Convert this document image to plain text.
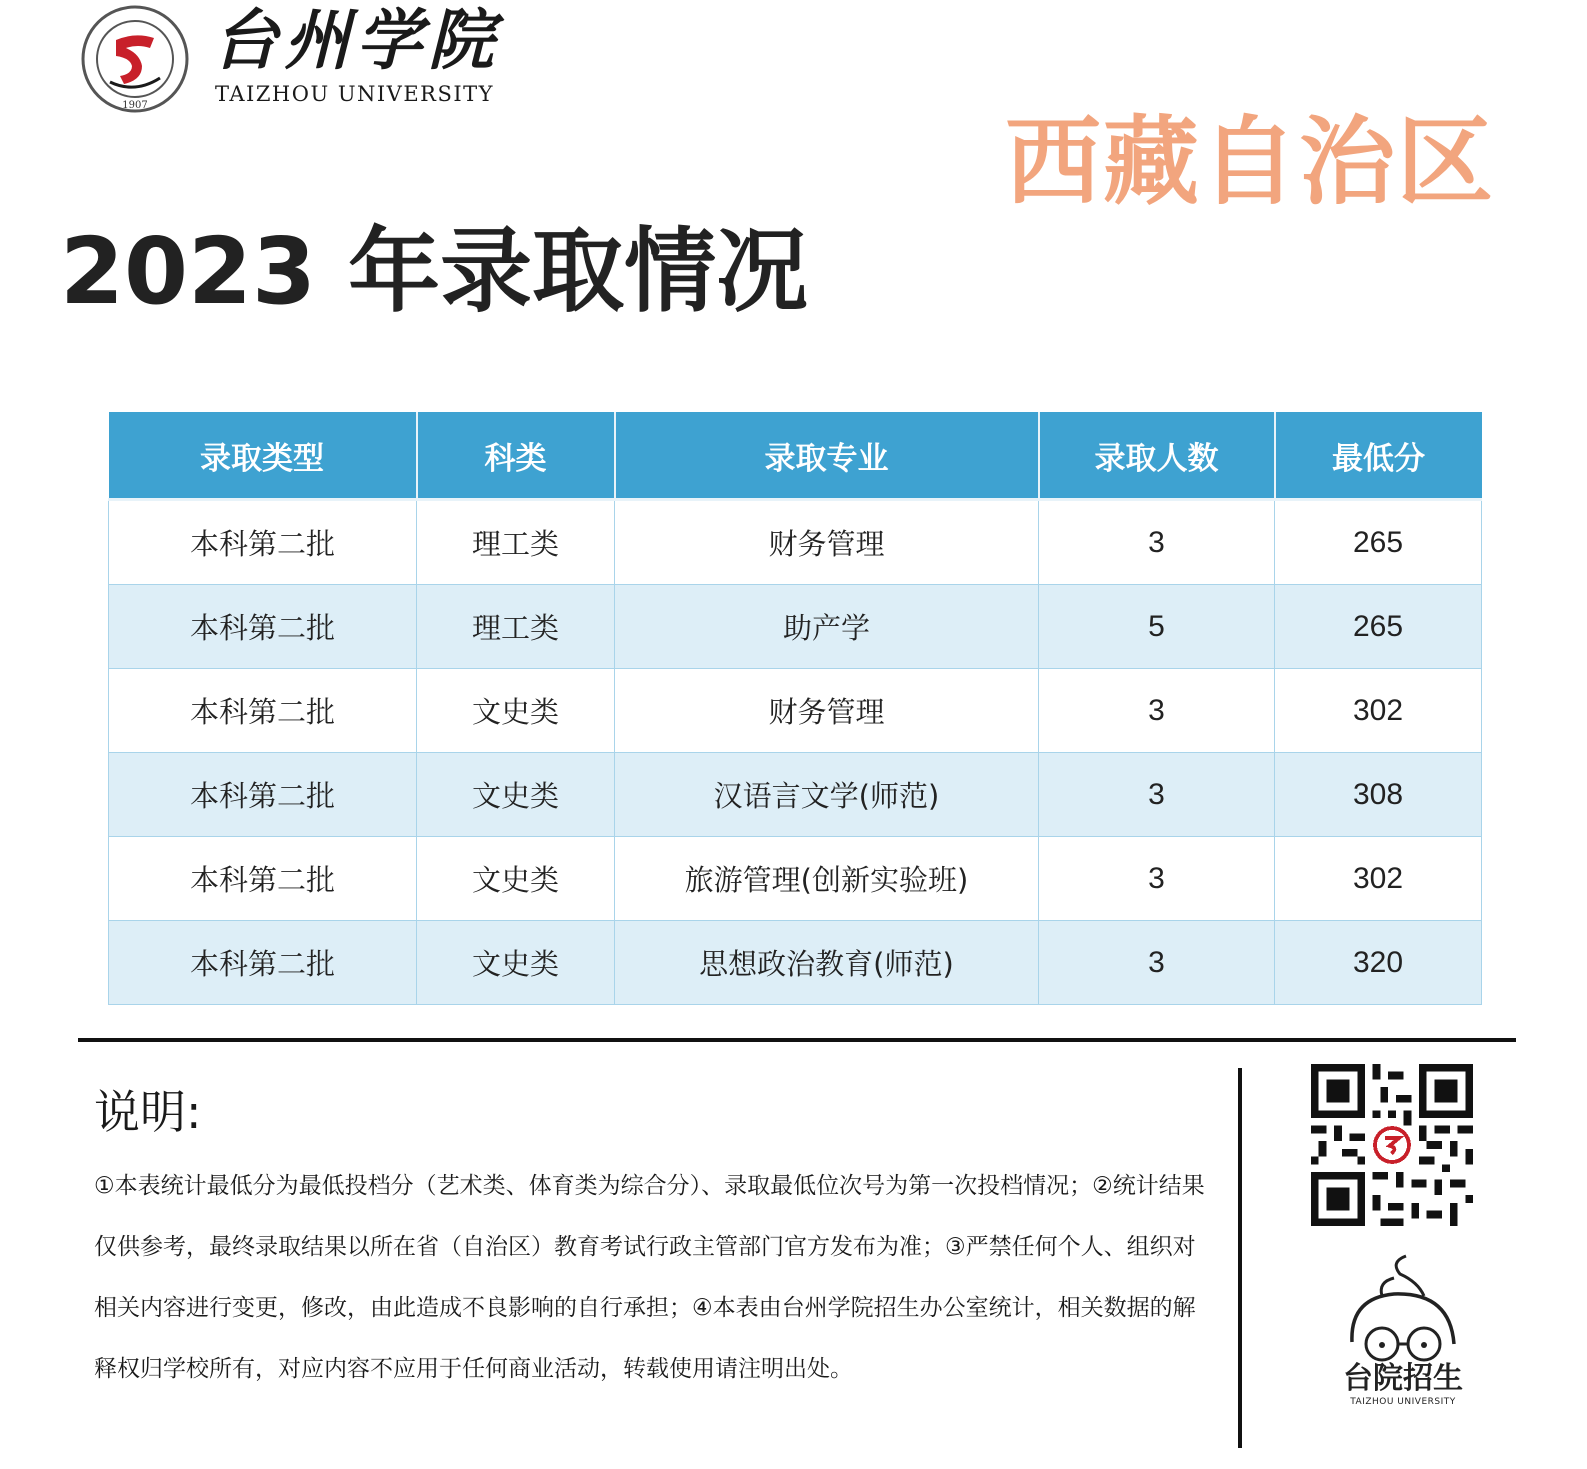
1907
台州学院
TAIZHOU UNIVERSITY
西藏自治区
2023 年录取情况
录取类型	科类	录取专业	录取人数	最低分
本科第二批	理工类	财务管理	3	265
本科第二批	理工类	助产学	5	265
本科第二批	文史类	财务管理	3	302
本科第二批	文史类	汉语言文学(师范)	3	308
本科第二批	文史类	旅游管理(创新实验班)	3	302
本科第二批	文史类	思想政治教育(师范)	3	320
说明:
①本表统计最低分为最低投档分（艺术类、体育类为综合分）、录取最低位次号为第一次投档情况；②统计结果仅供参考，最终录取结果以所在省（自治区）教育考试行政主管部门官方发布为准；③严禁任何个人、组织对相关内容进行变更，修改，由此造成不良影响的自行承担；④本表由台州学院招生办公室统计，相关数据的解释权归学校所有，对应内容不应用于任何商业活动，转载使用请注明出处。	台院招生
TAIZHOU UNIVERSITY
